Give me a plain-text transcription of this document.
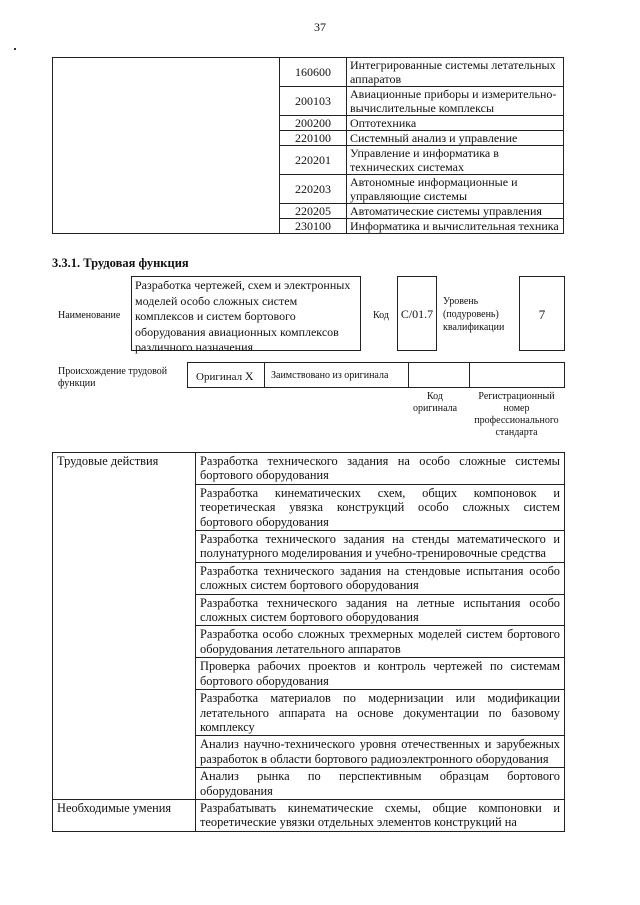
37
	160600	Интегрированные системы летательных аппаратов
	200103	Авиационные приборы и измерительно-вычислительные комплексы
	200200	Оптотехника
	220100	Системный анализ и управление
	220201	Управление и информатика в технических системах
	220203	Автономные информационные и управляющие системы
	220205	Автоматические системы управления
	230100	Информатика и вычислительная техника
3.3.1. Трудовая функция
Наименование
Разработка чертежей, схем и электронных моделей особо сложных систем комплексов и систем бортового оборудования авиационных комплексов различного назначения
Код C/01.7
Уровень (подуровень) квалификации
7
Происхождение трудовой функции
Оригинал X Заимствовано из оригинала
Код оригинала
Регистрационный номер профессионального стандарта
Трудовые действия	Разработка технического задания на особо сложные системы бортового оборудования
	Разработка кинематических схем, общих компоновок и теоретическая увязка конструкций особо сложных систем бортового оборудования
	Разработка технического задания на стенды математического и полунатурного моделирования и учебно-тренировочные средства
	Разработка технического задания на стендовые испытания особо сложных систем бортового оборудования
	Разработка технического задания на летные испытания особо сложных систем бортового оборудования
	Разработка особо сложных трехмерных моделей систем бортового оборудования летательного аппаратов
	Проверка рабочих проектов и контроль чертежей по системам бортового оборудования
	Разработка материалов по модернизации или модификации летательного аппарата на основе документации по базовому комплексу
	Анализ научно-технического уровня отечественных и зарубежных разработок в области бортового радиоэлектронного оборудования
	Анализ рынка по перспективным образцам бортового оборудования
Необходимые умения	Разрабатывать кинематические схемы, общие компоновки и теоретические увязки отдельных элементов конструкций на
